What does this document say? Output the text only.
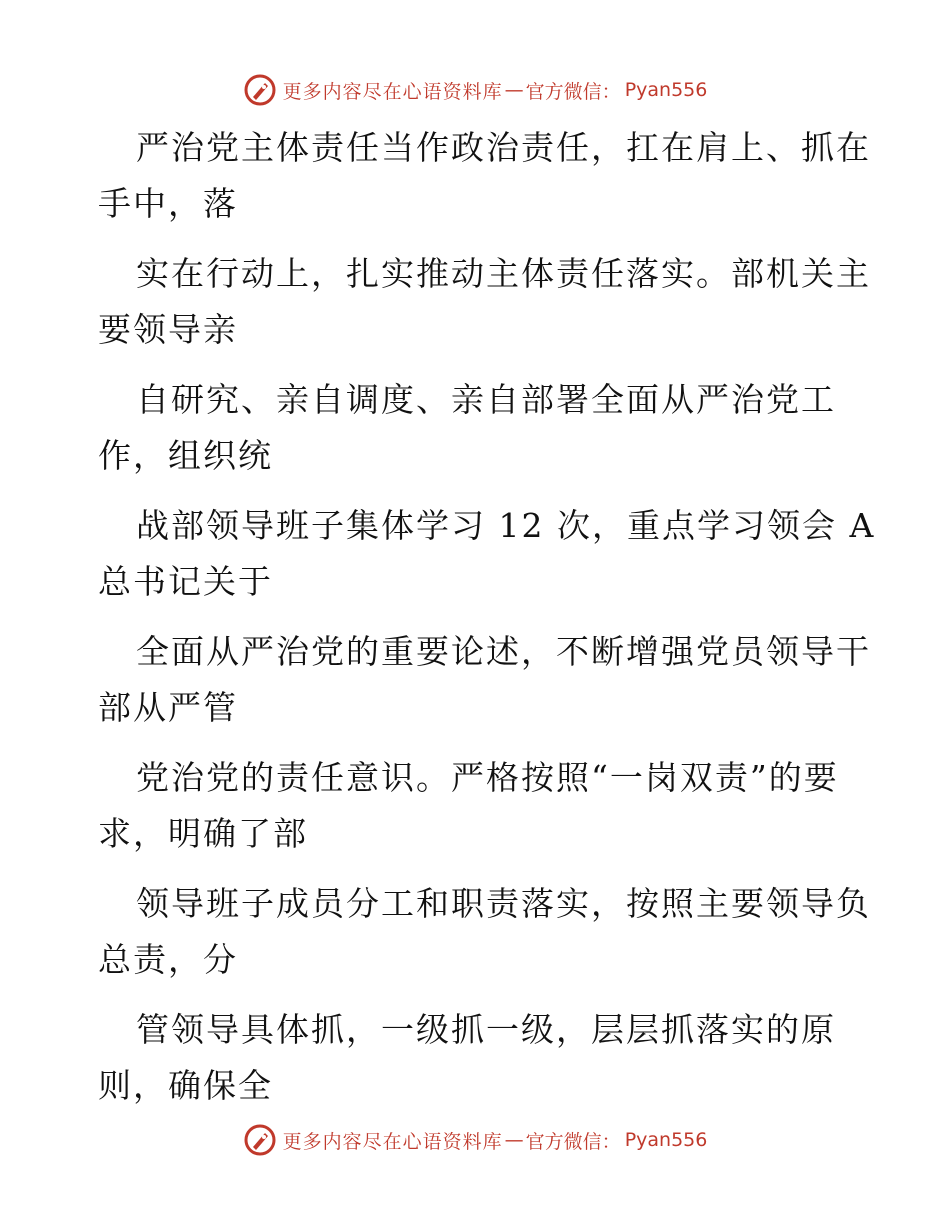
更多内容尽在心语资料库 — 官方微信： Pyan556
严治党主体责任当作政治责任，扛在肩上、抓在
手中，落
实在行动上，扎实推动主体责任落实。部机关主
要领导亲
自研究、亲自调度、亲自部署全面从严治党工
作，组织统
战部领导班子集体学习 12 次，重点学习领会 A
总书记关于
全面从严治党的重要论述，不断增强党员领导干
部从严管
党治党的责任意识。严格按照“一岗双责”的要
求，明确了部
领导班子成员分工和职责落实，按照主要领导负
总责，分
管领导具体抓，一级抓一级，层层抓落实的原
则，确保全
更多内容尽在心语资料库 — 官方微信： Pyan556
